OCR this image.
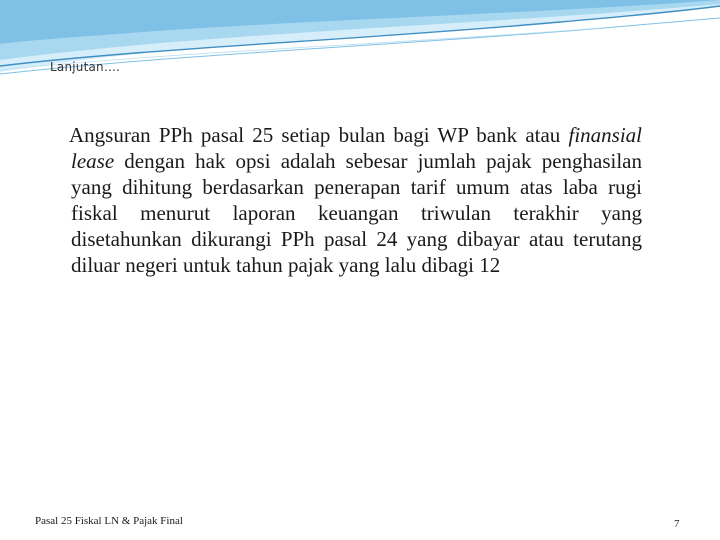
Lanjutan….

Angsuran PPh pasal 25 setiap bulan bagi WP bank atau finansial lease dengan hak opsi adalah sebesar jumlah pajak penghasilan yang dihitung berdasarkan penerapan tarif umum atas laba rugi fiskal menurut laporan keuangan triwulan terakhir yang disetahunkan dikurangi PPh pasal 24 yang dibayar atau terutang diluar negeri untuk tahun pajak yang lalu dibagi 12

Pasal 25 Fiskal LN & Pajak Final	7
